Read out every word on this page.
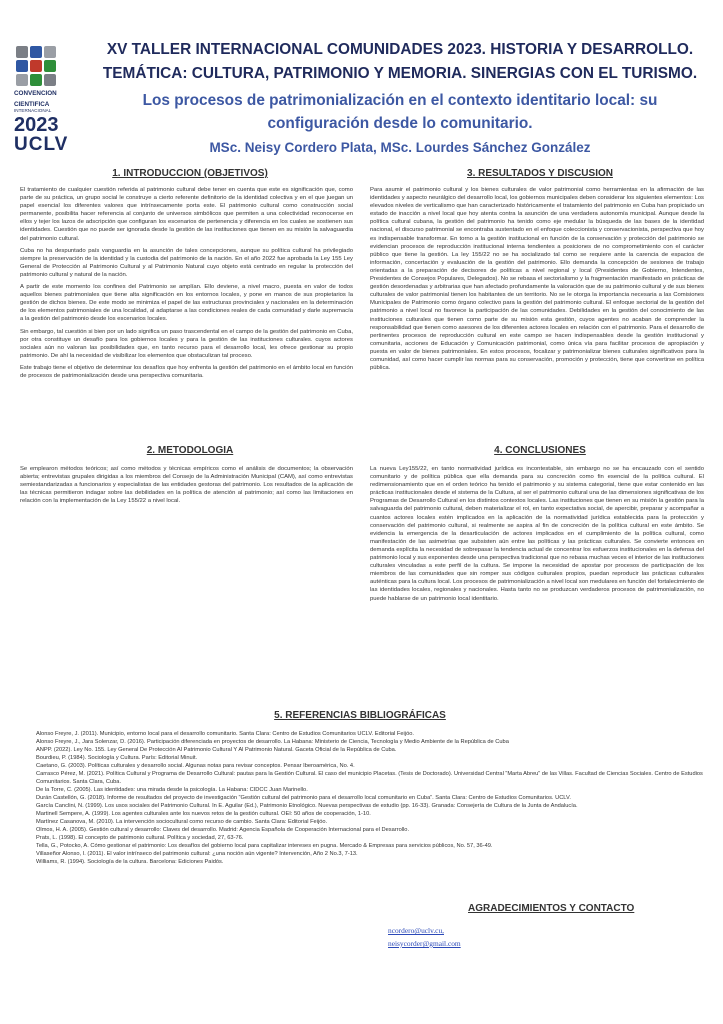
CONVENCION
CIENTIFICA
INTERNACIONAL
2023
UCLV
XV TALLER INTERNACIONAL COMUNIDADES 2023. HISTORIA Y DESARROLLO.
TEMÁTICA: CULTURA, PATRIMONIO Y MEMORIA. SINERGIAS CON EL TURISMO.
Los procesos de patrimonialización en el contexto identitario local: su
configuración desde lo comunitario.
MSc. Neisy Cordero Plata, MSc. Lourdes Sánchez González
1. INTRODUCCION (OBJETIVOS)

El tratamiento de cualquier cuestión referida al patrimonio cultural debe tener en cuenta que este es significación que, como parte de su práctica, un grupo social le construye a cierto referente definitorio de la identidad colectiva y en el que juegan un papel esencial los diferentes valores que intrínsecamente porta este. El patrimonio cultural como construcción social permanente, posibilita hacer referencia al conjunto de universos simbólicos que permiten a una colectividad reconocerse en ellos y tejer los lazos de adscripción que configuran los escenarios de pertenencia y diferencia en los cuales se sostienen sus identidades. Cuestión que no puede ser ignorada desde la gestión de las instituciones que tienen en su misión la salvaguardia del patrimonio cultural.

Cuba no ha despuntado país vanguardia en la asunción de tales concepciones, aunque su política cultural ha privilegiado siempre la preservación de la identidad y la custodia del patrimonio de la nación. En el año 2022 fue aprobada la Ley 155 Ley General de Protección al Patrimonio Cultural y al Patrimonio Natural cuyo objeto está centrado en regular la protección del patrimonio cultural y natural de la nación.

A partir de este momento los confines del Patrimonio se amplían. Ello deviene, a nivel macro, puesta en valor de todos aquellos bienes patrimoniales que tiene alta significación en los entornos locales, y pone en manos de sus propietarios la gestión de dichos bienes. De este modo se minimiza el papel de las estructuras provinciales y nacionales en la determinación de los elementos patrimoniales de una localidad, al adaptarse a las condiciones reales de cada comunidad y darle supremacía a la gestión del patrimonio desde los escenarios locales.

Sin embargo, tal cuestión si bien por un lado significa un paso trascendental en el campo de la gestión del patrimonio en Cuba, por otra constituye un desafío para los gobiernos locales y para la gestión de las instituciones culturales. cuyos actores sociales aún no valoran las posibilidades que, en tanto recurso para el desarrollo local, les ofrece gestionar su propio patrimonio. De ahí la necesidad de visibilizar los elementos que obstaculizan tal proceso.

Este trabajo tiene el objetivo de determinar los desafíos que hoy enfrenta la gestión del patrimonio en el ámbito local en función de procesos de patrimonialización desde una perspectiva comunitaria.

2. METODOLOGIA

Se emplearon métodos teóricos; así como métodos y técnicas empíricos como el análisis de documentos; la observación abierta; entrevistas grupales dirigidas a los miembros del Consejo de la Administración Municipal (CAM), así como entrevistas semiestandarizadas a funcionarios y especialistas de las entidades gestoras del patrimonio. Los resultados de la aplicación de las técnicas permitieron indagar sobre las debilidades en la política de atención al patrimonio; así como las limitaciones en relación con la implementación de la Ley 155/22 a nivel local.

3. RESULTADOS Y DISCUSION

Para asumir el patrimonio cultural y los bienes culturales de valor patrimonial como herramientas en la afirmación de las identidades y aspecto neurálgico del desarrollo local, los gobiernos municipales deben considerar los siguientes elementos: Los elevados niveles de verticalismo que han caracterizado históricamente el tratamiento del patrimonio en Cuba han propiciado un estado de inacción a nivel local que hoy atenta contra la asunción de una verdadera autonomía municipal. Aunque desde la política cultural cubana, la gestión del patrimonio ha tenido como eje medular la búsqueda de las bases de la identidad nacional, el discurso patrimonial se encontraba sustentado en el enfoque coleccionista y conservacionista, perspectiva que hoy es indispensable transformar. En torno a la gestión institucional en función de la conservación y protección del patrimonio se evidencian procesos de reproducción institucional interna tendientes a posiciones de no comprometimiento con el carácter público que tiene la gestión. La ley 155/22 no se ha socializado tal como se requiere ante la carencia de espacios de información, concertación y evaluación de la gestión del patrimonio. Ello demanda la concepción de sesiones de trabajo orientadas a la preparación de decisores de políticas a nivel regional y local (Presidentes de Gobierno, Intendentes, Presidentes de Consejos Populares, Delegados). No se rebasa el sectorialismo y la fragmentación manifestado en prácticas de gestión desordenadas y arbitrarias que han afectado profundamente la valoración que de su patrimonio cultural y de sus bienes culturales de valor patrimonial tienen los habitantes de un territorio. No se le otorga la importancia necesaria a las Comisiones Municipales de Patrimonio como órgano colectivo para la gestión del patrimonio cultural. El enfoque sectorial de la gestión del patrimonio a nivel local no favorece la participación de las comunidades. Debilidades en la gestión del conocimiento de las instituciones culturales que tienen como parte de su misión esta gestión, cuyos agentes no acaban de comprender la responsabilidad que tienen como asesores de los diferentes actores locales en relación con el patrimonio. Para el desarrollo de pertinentes procesos de reproducción cultural en este campo se hacen indispensables desde la gestión institucional y comunitaria, acciones de Educación y Comunicación patrimonial, como única vía para facilitar procesos de apropiación y puesta en valor de bienes patrimoniales. En estos procesos, focalizar y patrimonializar bienes culturales significativos para la comunidad, así como hacer cumplir las normas para su conservación, promoción y protección, tiene que convertirse en política pública.

4. CONCLUSIONES

La nueva Ley155/22, en tanto normatividad jurídica es incontestable, sin embargo no se ha encauzado con el sentido comunitario y de política pública que ella demanda para su concreción como fin esencial de la política cultural. El redimensionamiento que en el orden teórico ha tenido el patrimonio y su sistema categorial, tiene que estar contenido en las prácticas institucionales desde el sistema de la Cultura, al ser el patrimonio cultural una de las dimensiones significativas de los Programas de Desarrollo Cultural en los distintos contextos locales. Las instituciones que tienen en su misión la gestión para la salvaguarda del patrimonio cultural, deben materializar el rol, en tanto expectativa social, de apercibir, preparar y acompañar a cuantos actores locales estén implicados en la aplicación de la normatividad jurídica establecida para la protección y conservación del patrimonio cultural, si realmente se aspira al fin de concreción de la política cultural en este ámbito. Se evidencia la emergencia de la desarticulación de actores implicados en el cumplimiento de la política cultural, como manifestación de las asimetrías que subsisten aún entre las políticas y las prácticas culturales. Se convierte entonces en demanda explícita la necesidad de sobrepasar la tendencia actual de concentrar los esfuerzos institucionales en la defensa del patrimonio local y sus exponentes desde una perspectiva tradicional que no rebasa muchas veces el interior de las instituciones culturales vinculadas a este perfil de la cultura. Se impone la necesidad de apostar por procesos de participación de los miembros de las comunidades que sin romper sus códigos culturales propios, puedan reproducir las prácticas culturales auténticas para la cultura local. Los procesos de patrimonialización a nivel local son medulares en función del fortalecimiento de las identidades locales, regionales y nacionales. Hasta tanto no se produzcan verdaderos procesos de patrimonialización, no puede hablarse de un patrimonio local identitario.

5. REFERENCIAS BIBLIOGRÁFICAS
• Alonso Freyre, J. (2011). Municipio, entorno local para el desarrollo comunitario. Santa Clara: Centro de Estudios Comunitarios UCLV. Editorial Feijóo.
• Alonso Freyre, J., Jara Solenzar, D. (2016). Participación diferenciada en proyectos de desarrollo. La Habana: Ministerio de Ciencia, Tecnología y Medio Ambiente de la República de Cuba
• ANPP. (2022). Ley No. 155. Ley General De Protección Al Patrimonio Cultural Y Al Patrimonio Natural. Gaceta Oficial de la República de Cuba.
• Bourdieu, P. (1984). Sociología y Cultura. París: Editorial Minuit.
• Caetano, G. (2003). Políticas culturales y desarrollo social. Algunas notas para revisar conceptos. Pensar Iberoamérica, No. 4.
• Carrasco Pérez, M. (2021). Política Cultural y Programa de Desarrollo Cultural: pautas para la Gestión Cultural. El caso del municipio Placetas. (Tesis de Doctorado). Universidad Central “Marta Abreu” de las Villas. Facultad de Ciencias Sociales. Centro de Estudios Comunitarios. Santa Clara, Cuba.
• De la Torre, C. (2005). Las identidades: una mirada desde la psicología. La Habana: CIDCC Juan Marinello.
• Durán Castellón, G. (2018). Informe de resultados del proyecto de investigación “Gestión cultural del patrimonio para el desarrollo local comunitario en Cuba”. Santa Clara: Centro de Estudios Comunitarios. UCLV.
• García Canclini, N. (1999). Los usos sociales del Patrimonio Cultural. In E. Aguilar (Ed.), Patrimonio Etnológico. Nuevas perspectivas de estudio (pp. 16-33). Granada: Consejería de Cultura de la Junta de Andalucía.
• Martinell Sempere, A. (1999). Los agentes culturales ante los nuevos retos de la gestión cultural. OEI: 50 años de cooperación, 1-10.
• Martínez Casanova, M. (2010). La intervención sociocultural como recurso de cambio. Santa Clara: Editorial Feijóo.
• Olmos, H. A. (2005). Gestión cultural y desarrollo: Claves del desarrollo. Madrid: Agencia Española de Cooperación Internacional para el Desarrollo.
• Prats, L. (1998). El concepto de patrimonio cultural. Política y sociedad, 27, 63-76.
• Tella, G., Potocko, A. Cómo gestionar el patrimonio: Los desafíos del gobierno local para capitalizar intereses en pugna. Mercado & Empresas para servicios públicos, No. 57, 36-49.
• Villaseñor Alonso, I. (2011). El valor intrínseco del patrimonio cultural: ¿una noción aún vigente? Intervención, Año 2 No.3, 7-13.
• Williams, R. (1994). Sociología de la cultura. Barcelona: Ediciones Paidós.
AGRADECIMIENTOS Y CONTACTO
ncordero@uclv.cu,
neisycorder@gmail.com
